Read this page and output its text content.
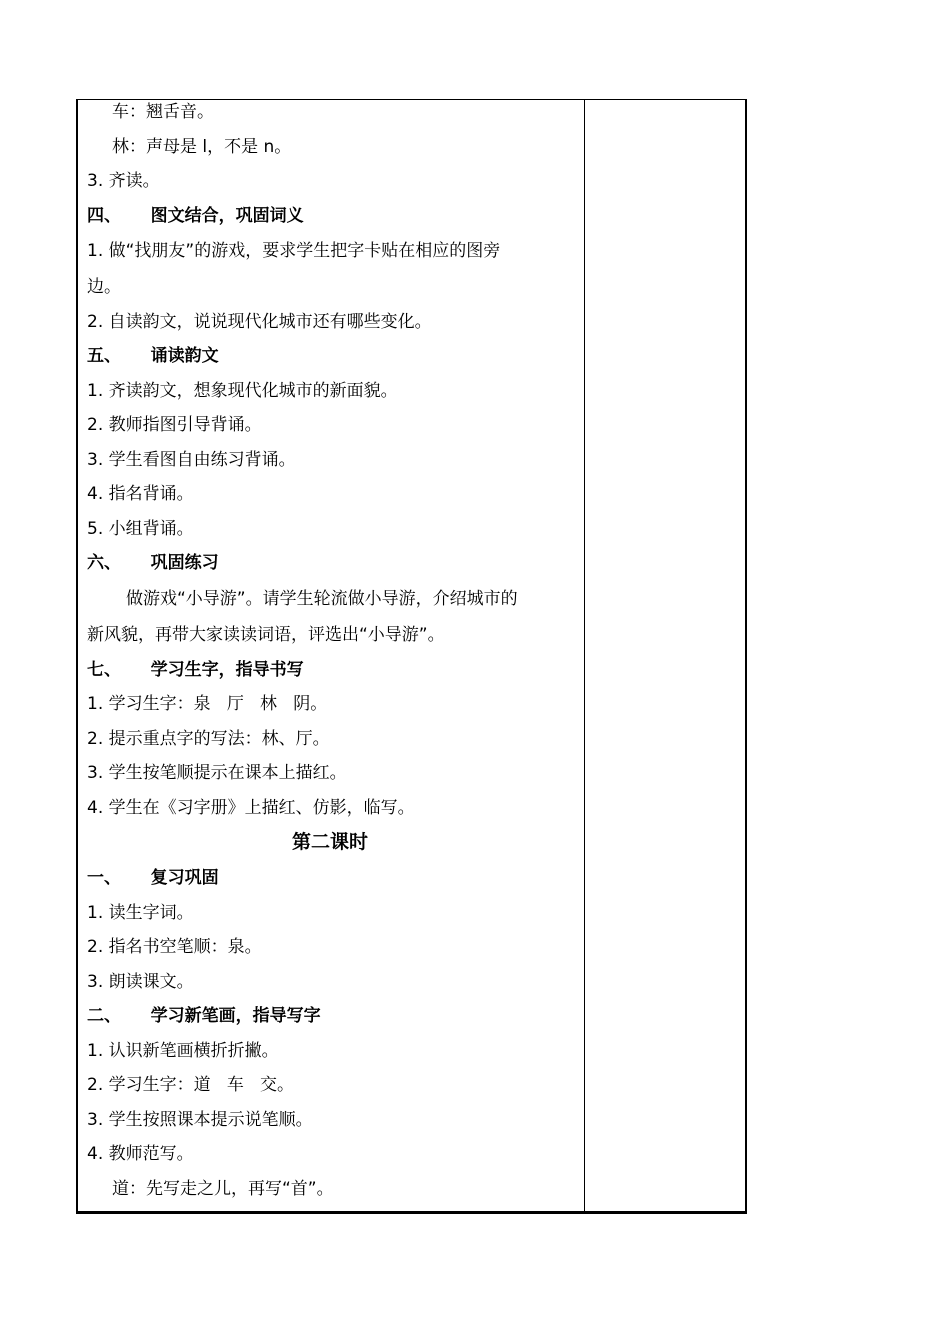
车：翘舌音。

林：声母是 l，不是 n。

3. 齐读。

四、     图文结合，巩固词义

1. 做“找朋友”的游戏，要求学生把字卡贴在相应的图旁

边。

2. 自读韵文，说说现代化城市还有哪些变化。

五、     诵读韵文

1. 齐读韵文，想象现代化城市的新面貌。

2. 教师指图引导背诵。

3. 学生看图自由练习背诵。

4. 指名背诵。

5. 小组背诵。

六、     巩固练习

做游戏“小导游”。请学生轮流做小导游，介绍城市的

新风貌，再带大家读读词语，评选出“小导游”。

七、     学习生字，指导书写

1. 学习生字：泉   厅   林   阴。

2. 提示重点字的写法：林、厅。

3. 学生按笔顺提示在课本上描红。

4. 学生在《习字册》上描红、仿影，临写。

第二课时

一、     复习巩固

1. 读生字词。

2. 指名书空笔顺：泉。

3. 朗读课文。

二、     学习新笔画，指导写字

1. 认识新笔画横折折撇。

2. 学习生字：道   车   交。

3. 学生按照课本提示说笔顺。

4. 教师范写。

道：先写走之儿，再写“首”。
